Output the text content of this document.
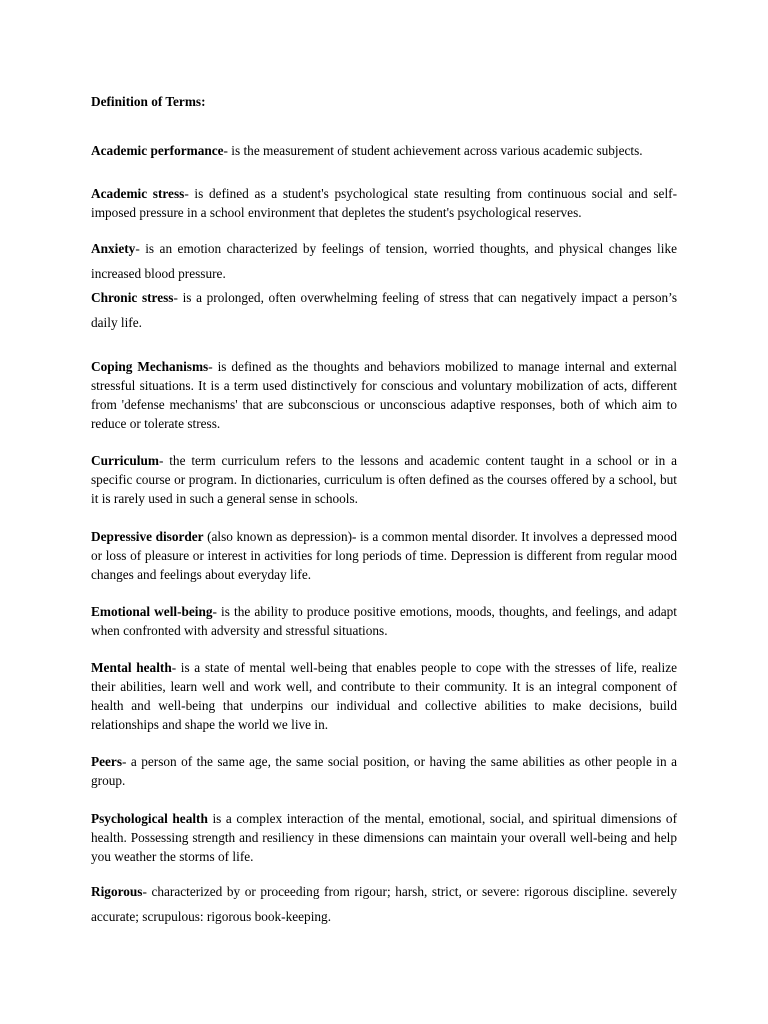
Definition of Terms:

Academic performance- is the measurement of student achievement across various academic subjects.

Academic stress- is defined as a student's psychological state resulting from continuous social and self-imposed pressure in a school environment that depletes the student's psychological reserves.

Anxiety- is an emotion characterized by feelings of tension, worried thoughts, and physical changes like increased blood pressure.

Chronic stress- is a prolonged, often overwhelming feeling of stress that can negatively impact a person’s daily life.

Coping Mechanisms- is defined as the thoughts and behaviors mobilized to manage internal and external stressful situations. It is a term used distinctively for conscious and voluntary mobilization of acts, different from 'defense mechanisms' that are subconscious or unconscious adaptive responses, both of which aim to reduce or tolerate stress.

Curriculum- the term curriculum refers to the lessons and academic content taught in a school or in a specific course or program. In dictionaries, curriculum is often defined as the courses offered by a school, but it is rarely used in such a general sense in schools.

Depressive disorder (also known as depression)- is a common mental disorder. It involves a depressed mood or loss of pleasure or interest in activities for long periods of time. Depression is different from regular mood changes and feelings about everyday life.

Emotional well-being- is the ability to produce positive emotions, moods, thoughts, and feelings, and adapt when confronted with adversity and stressful situations.

Mental health- is a state of mental well-being that enables people to cope with the stresses of life, realize their abilities, learn well and work well, and contribute to their community. It is an integral component of health and well-being that underpins our individual and collective abilities to make decisions, build relationships and shape the world we live in.

Peers- a person of the same age, the same social position, or having the same abilities as other people in a group.

Psychological health is a complex interaction of the mental, emotional, social, and spiritual dimensions of health. Possessing strength and resiliency in these dimensions can maintain your overall well-being and help you weather the storms of life.

Rigorous- characterized by or proceeding from rigour; harsh, strict, or severe: rigorous discipline. severely accurate; scrupulous: rigorous book-keeping.
